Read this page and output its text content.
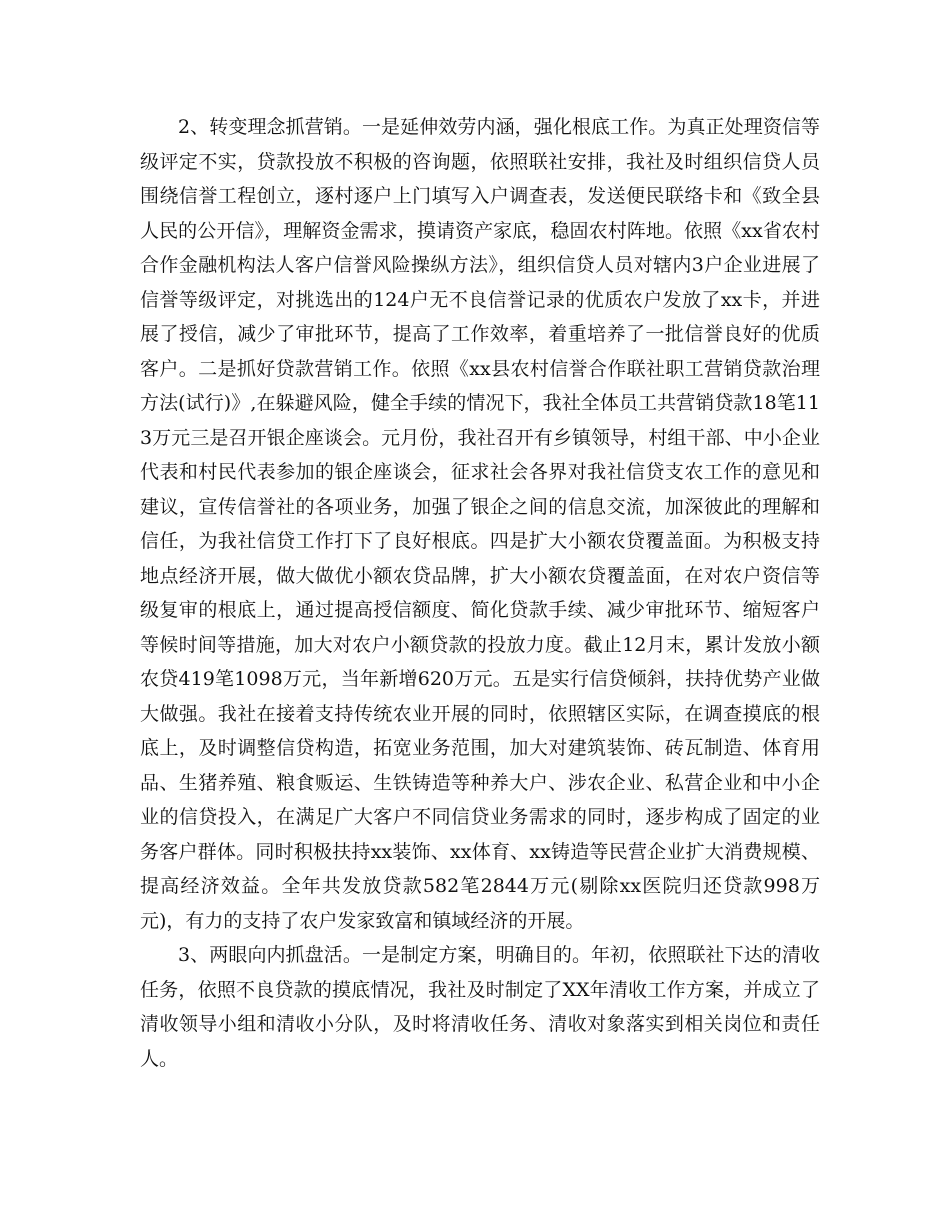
2、转变理念抓营销。一是延伸效劳内涵，强化根底工作。为真正处理资信等级评定不实，贷款投放不积极的咨询题，依照联社安排，我社及时组织信贷人员围绕信誉工程创立，逐村逐户上门填写入户调查表，发送便民联络卡和《致全县人民的公开信》，理解资金需求，摸请资产家底，稳固农村阵地。依照《xx省农村合作金融机构法人客户信誉风险操纵方法》，组织信贷人员对辖内3户企业进展了信誉等级评定，对挑选出的124户无不良信誉记录的优质农户发放了xx卡，并进展了授信，减少了审批环节，提高了工作效率，着重培养了一批信誉良好的优质客户。二是抓好贷款营销工作。依照《xx县农村信誉合作联社职工营销贷款治理方法(试行)》,在躲避风险，健全手续的情况下，我社全体员工共营销贷款18笔113万元三是召开银企座谈会。元月份，我社召开有乡镇领导，村组干部、中小企业代表和村民代表参加的银企座谈会，征求社会各界对我社信贷支农工作的意见和建议，宣传信誉社的各项业务，加强了银企之间的信息交流，加深彼此的理解和信任，为我社信贷工作打下了良好根底。四是扩大小额农贷覆盖面。为积极支持地点经济开展，做大做优小额农贷品牌，扩大小额农贷覆盖面，在对农户资信等级复审的根底上，通过提高授信额度、简化贷款手续、减少审批环节、缩短客户等候时间等措施，加大对农户小额贷款的投放力度。截止12月末，累计发放小额农贷419笔1098万元，当年新增620万元。五是实行信贷倾斜，扶持优势产业做大做强。我社在接着支持传统农业开展的同时，依照辖区实际，在调查摸底的根底上，及时调整信贷构造，拓宽业务范围，加大对建筑装饰、砖瓦制造、体育用品、生猪养殖、粮食贩运、生铁铸造等种养大户、涉农企业、私营企业和中小企业的信贷投入，在满足广大客户不同信贷业务需求的同时，逐步构成了固定的业务客户群体。同时积极扶持xx装饰、xx体育、xx铸造等民营企业扩大消费规模、提高经济效益。全年共发放贷款582笔2844万元(剔除xx医院归还贷款998万元)，有力的支持了农户发家致富和镇域经济的开展。

3、两眼向内抓盘活。一是制定方案，明确目的。年初，依照联社下达的清收任务，依照不良贷款的摸底情况，我社及时制定了XX年清收工作方案，并成立了清收领导小组和清收小分队，及时将清收任务、清收对象落实到相关岗位和责任人。
